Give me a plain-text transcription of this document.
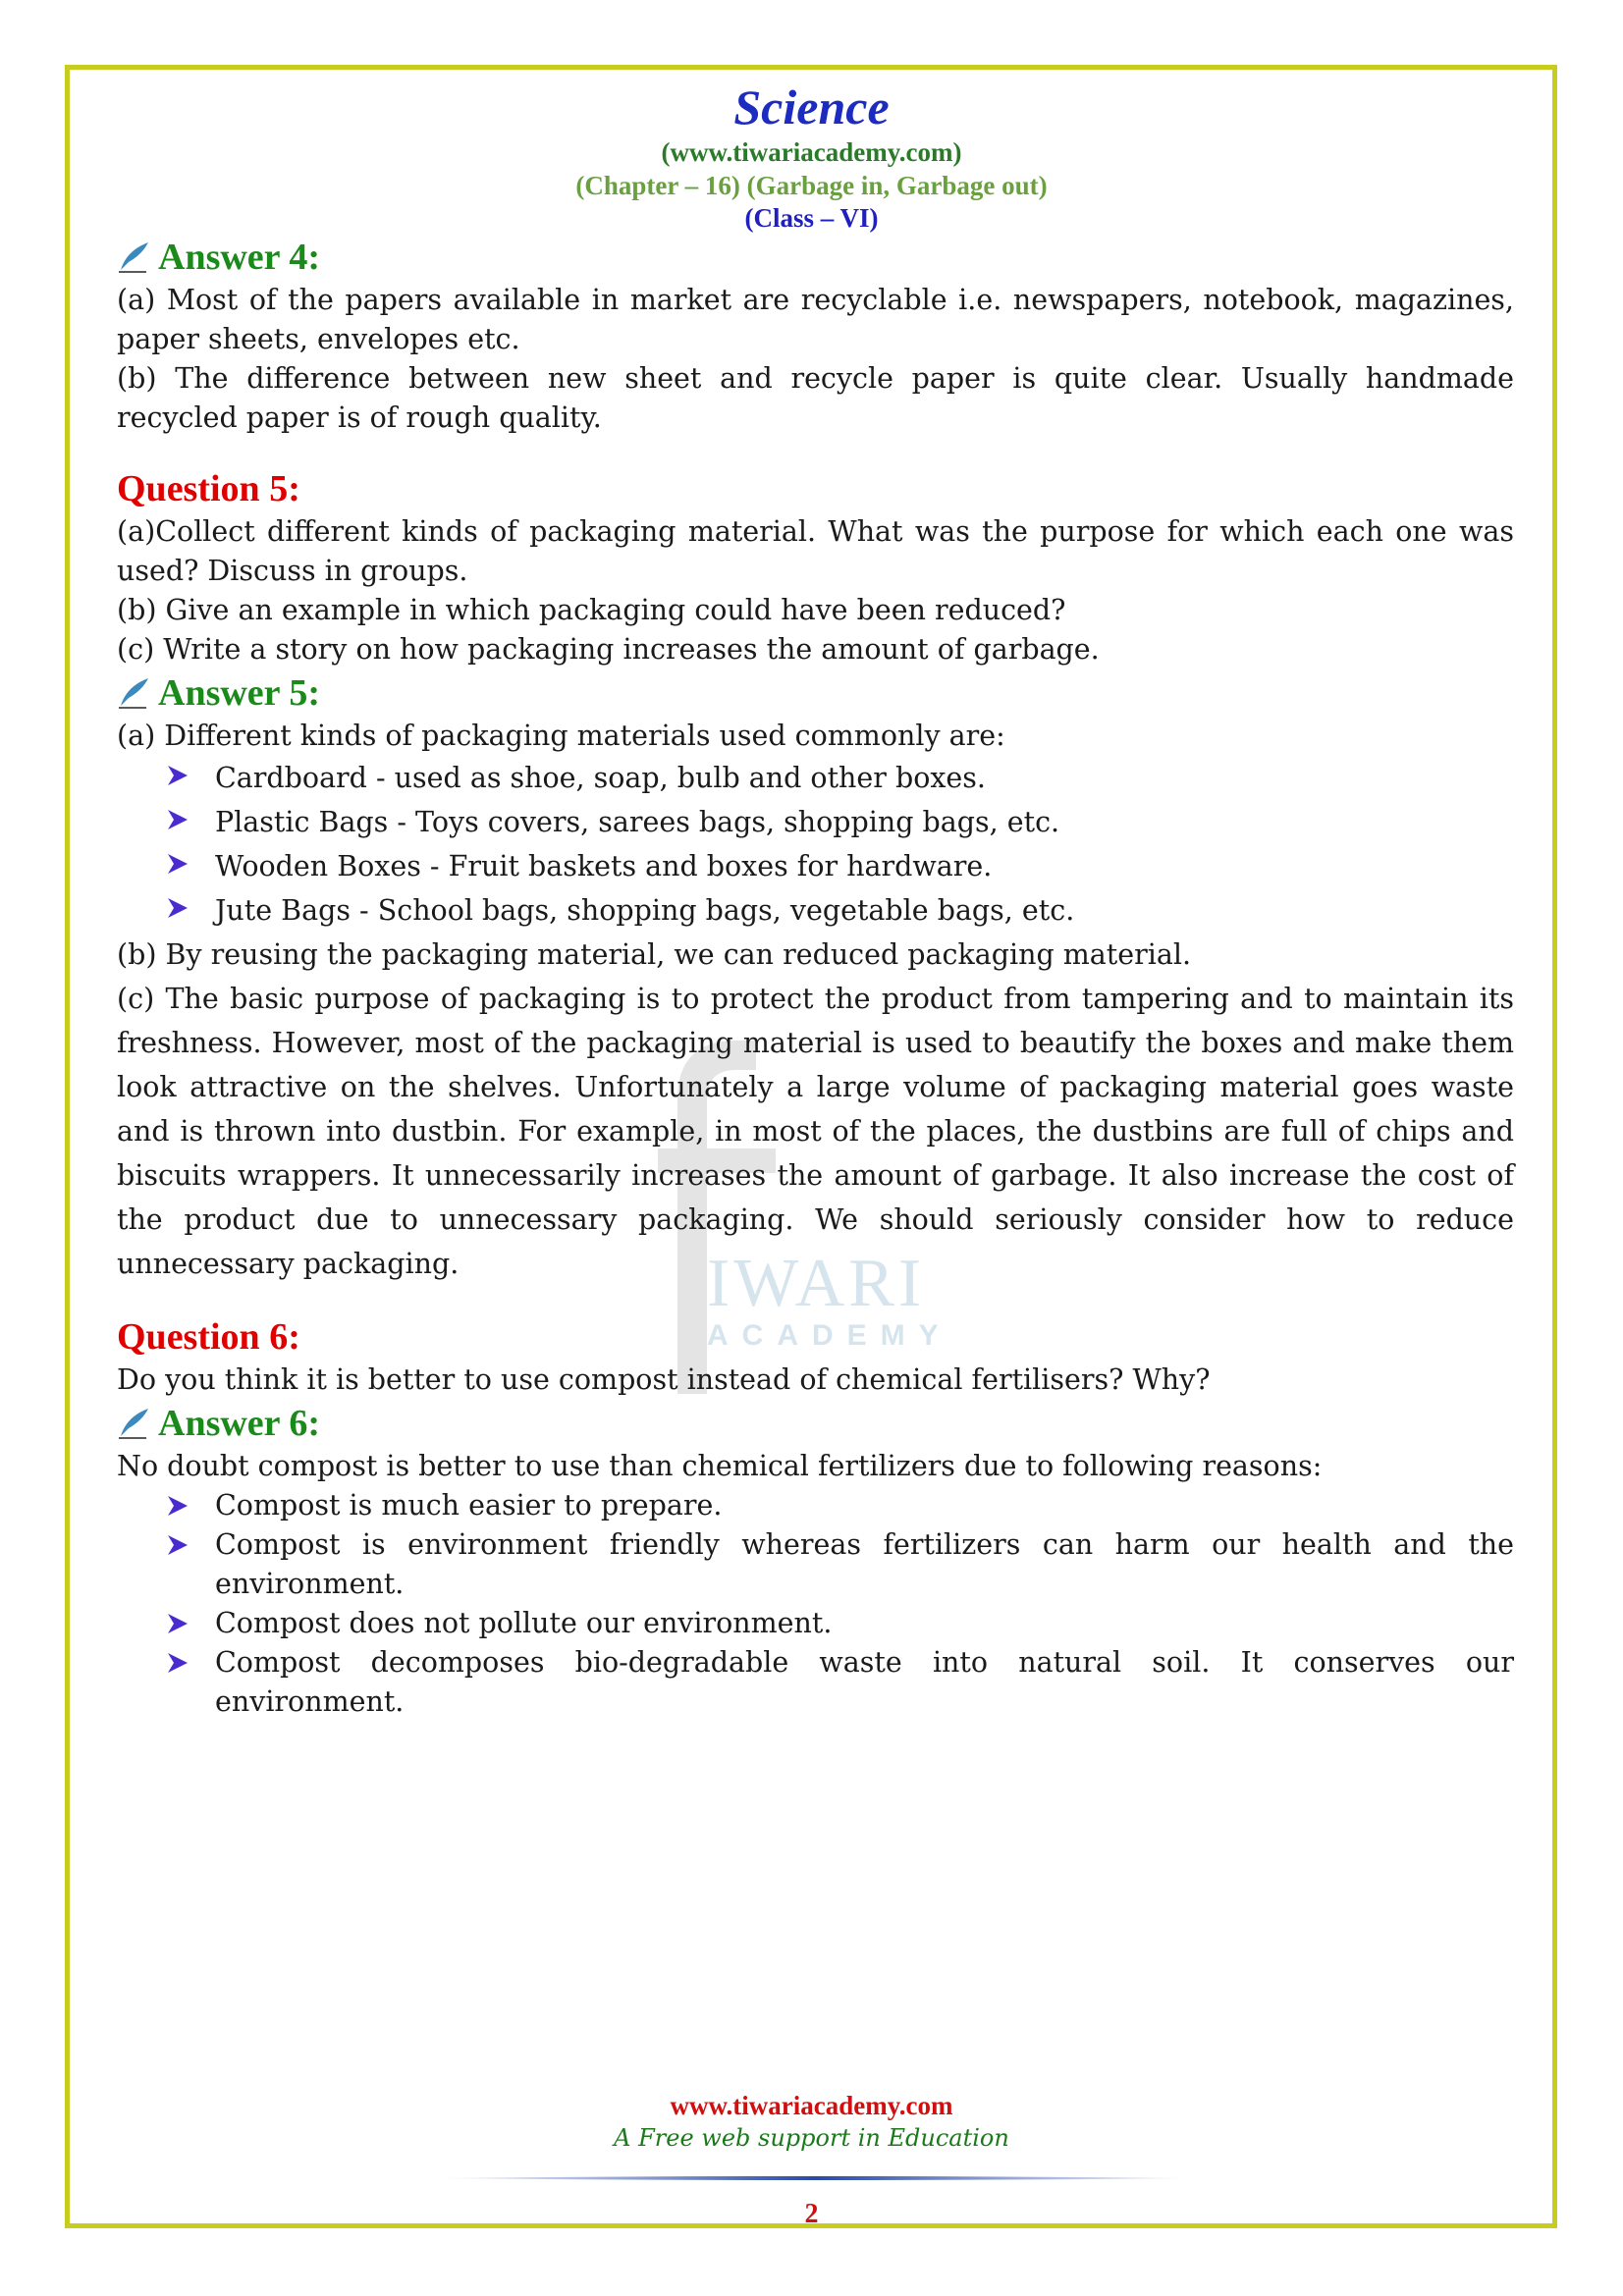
IWARI
ACADEMY
Science
(www.tiwariacademy.com)
(Chapter – 16) (Garbage in, Garbage out)
(Class – VI)
Answer 4:
(a) Most of the papers available in market are recyclable i.e. newspapers, notebook, magazines, paper sheets, envelopes etc.
(b) The difference between new sheet and recycle paper is quite clear. Usually handmade recycled paper is of rough quality.
Question 5:
(a)Collect different kinds of packaging material. What was the purpose for which each one was used? Discuss in groups.
(b) Give an example in which packaging could have been reduced?
(c) Write a story on how packaging increases the amount of garbage.
Answer 5:
(a) Different kinds of packaging materials used commonly are:
Cardboard - used as shoe, soap, bulb and other boxes.
Plastic Bags - Toys covers, sarees bags, shopping bags, etc.
Wooden Boxes - Fruit baskets and boxes for hardware.
Jute Bags - School bags, shopping bags, vegetable bags, etc.
(b) By reusing the packaging material, we can reduced packaging material.
(c) The basic purpose of packaging is to protect the product from tampering and to maintain its freshness. However, most of the packaging material is used to beautify the boxes and make them look attractive on the shelves. Unfortunately a large volume of packaging material goes waste and is thrown into dustbin. For example, in most of the places, the dustbins are full of chips and biscuits wrappers. It unnecessarily increases the amount of garbage. It also increase the cost of the product due to unnecessary packaging. We should seriously consider how to reduce unnecessary packaging.
Question 6:
Do you think it is better to use compost instead of chemical fertilisers? Why?
Answer 6:
No doubt compost is better to use than chemical fertilizers due to following reasons:
Compost is much easier to prepare.
Compost is environment friendly whereas fertilizers can harm our health and the environment.
Compost does not pollute our environment.
Compost decomposes bio-degradable waste into natural soil. It conserves our environment.
www.tiwariacademy.com
A Free web support in Education
2
